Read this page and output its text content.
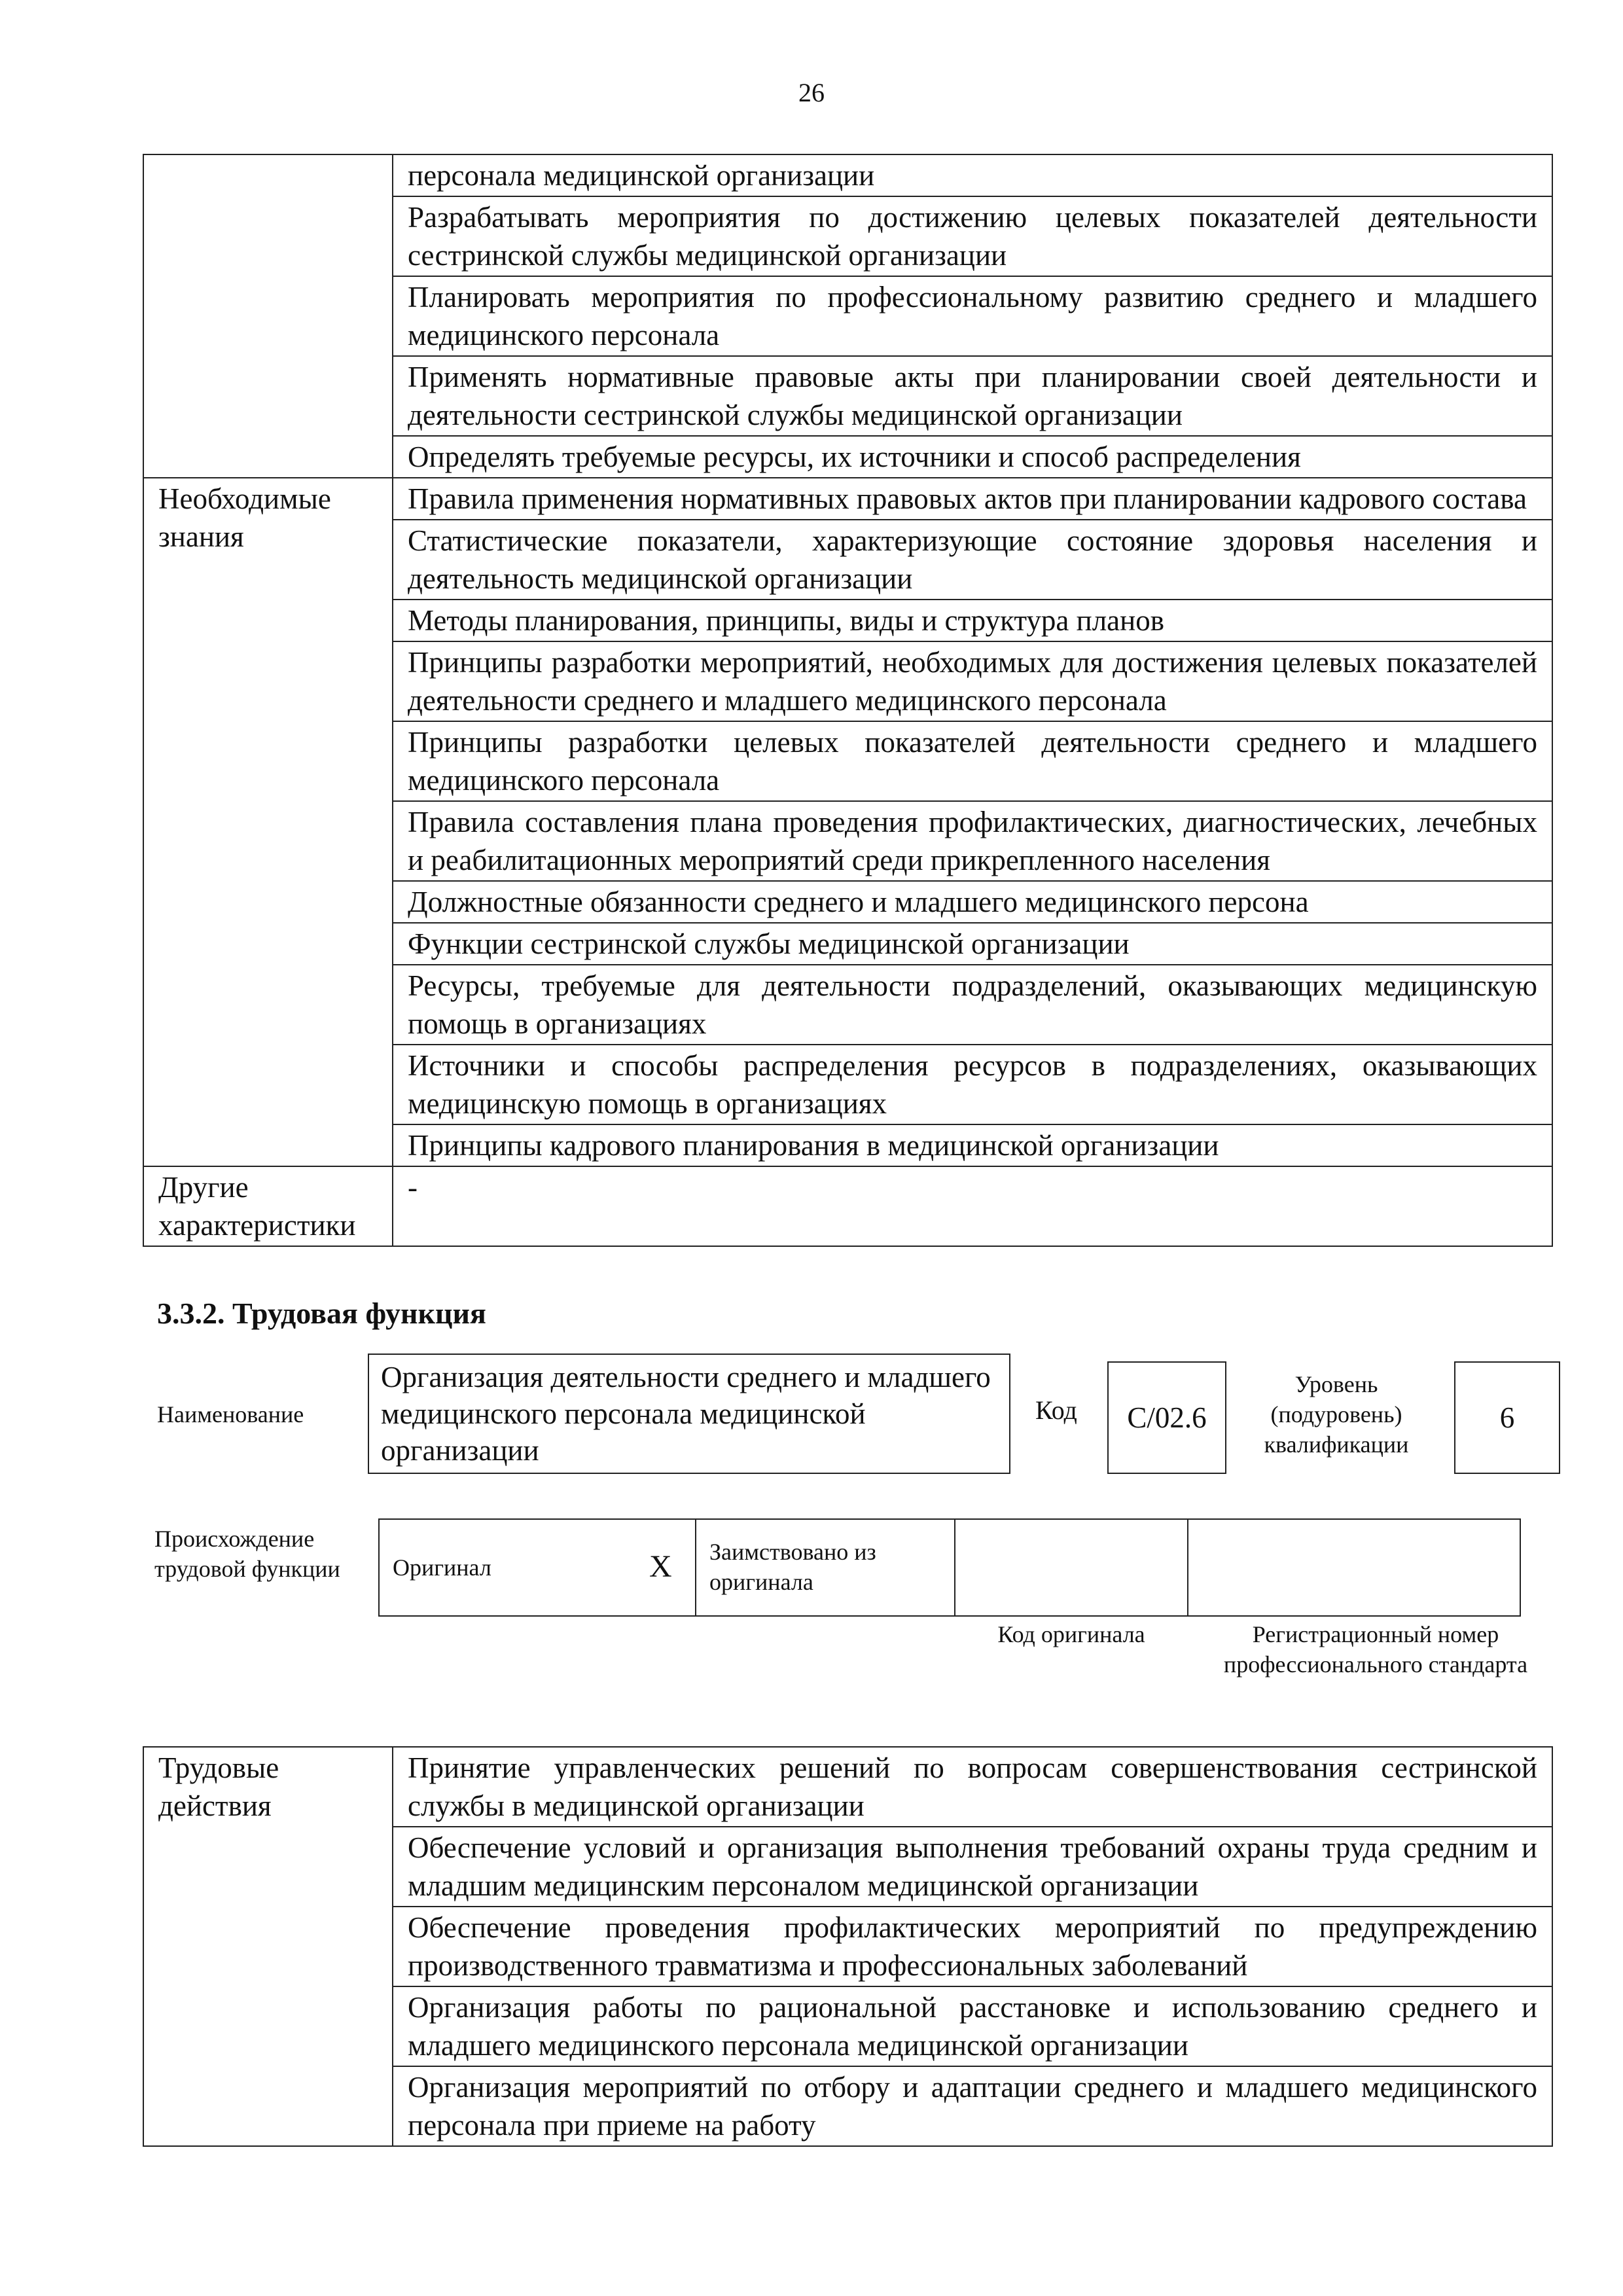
26
	персонала медицинской организации
	Разрабатывать мероприятия по достижению целевых показателей деятельности сестринской службы медицинской организации
	Планировать мероприятия по профессиональному развитию среднего и младшего медицинского персонала
	Применять нормативные правовые акты при планировании своей деятельности и деятельности сестринской службы медицинской организации
	Определять требуемые ресурсы, их источники и способ распределения
Необходимые знания	Правила применения нормативных правовых актов при планировании кадрового состава
	Статистические показатели, характеризующие состояние здоровья населения и деятельность медицинской организации
	Методы планирования, принципы, виды и структура планов
	Принципы разработки мероприятий, необходимых для достижения целевых показателей деятельности среднего и младшего медицинского персонала
	Принципы разработки целевых показателей деятельности среднего и младшего медицинского персонала
	Правила составления плана проведения профилактических, диагностических, лечебных и реабилитационных мероприятий среди прикрепленного населения
	Должностные обязанности среднего и младшего медицинского персона
	Функции сестринской службы медицинской организации
	Ресурсы, требуемые для деятельности подразделений, оказывающих медицинскую помощь в организациях
	Источники и способы распределения ресурсов в подразделениях, оказывающих медицинскую помощь в организациях
	Принципы кадрового планирования в медицинской организации
Другие характеристики	-
3.3.2. Трудовая функция
Наименование
Организация деятельности среднего и младшего медицинского персонала медицинской организации
Код	C/02.6
Уровень (подуровень) квалификации
6
Происхождение трудовой функции	Оригинал	X	Заимствовано из оригинала
Код оригинала	Регистрационный номер профессионального стандарта
Трудовые действия	Принятие управленческих решений по вопросам совершенствования сестринской службы в медицинской организации
Обеспечение условий и организация выполнения требований охраны труда средним и младшим медицинским персоналом медицинской организации
Обеспечение проведения профилактических мероприятий по предупреждению производственного травматизма и профессиональных заболеваний
Организация работы по рациональной расстановке и использованию среднего и младшего медицинского персонала медицинской организации
Организация мероприятий по отбору и адаптации среднего и младшего медицинского персонала при приеме на работу
